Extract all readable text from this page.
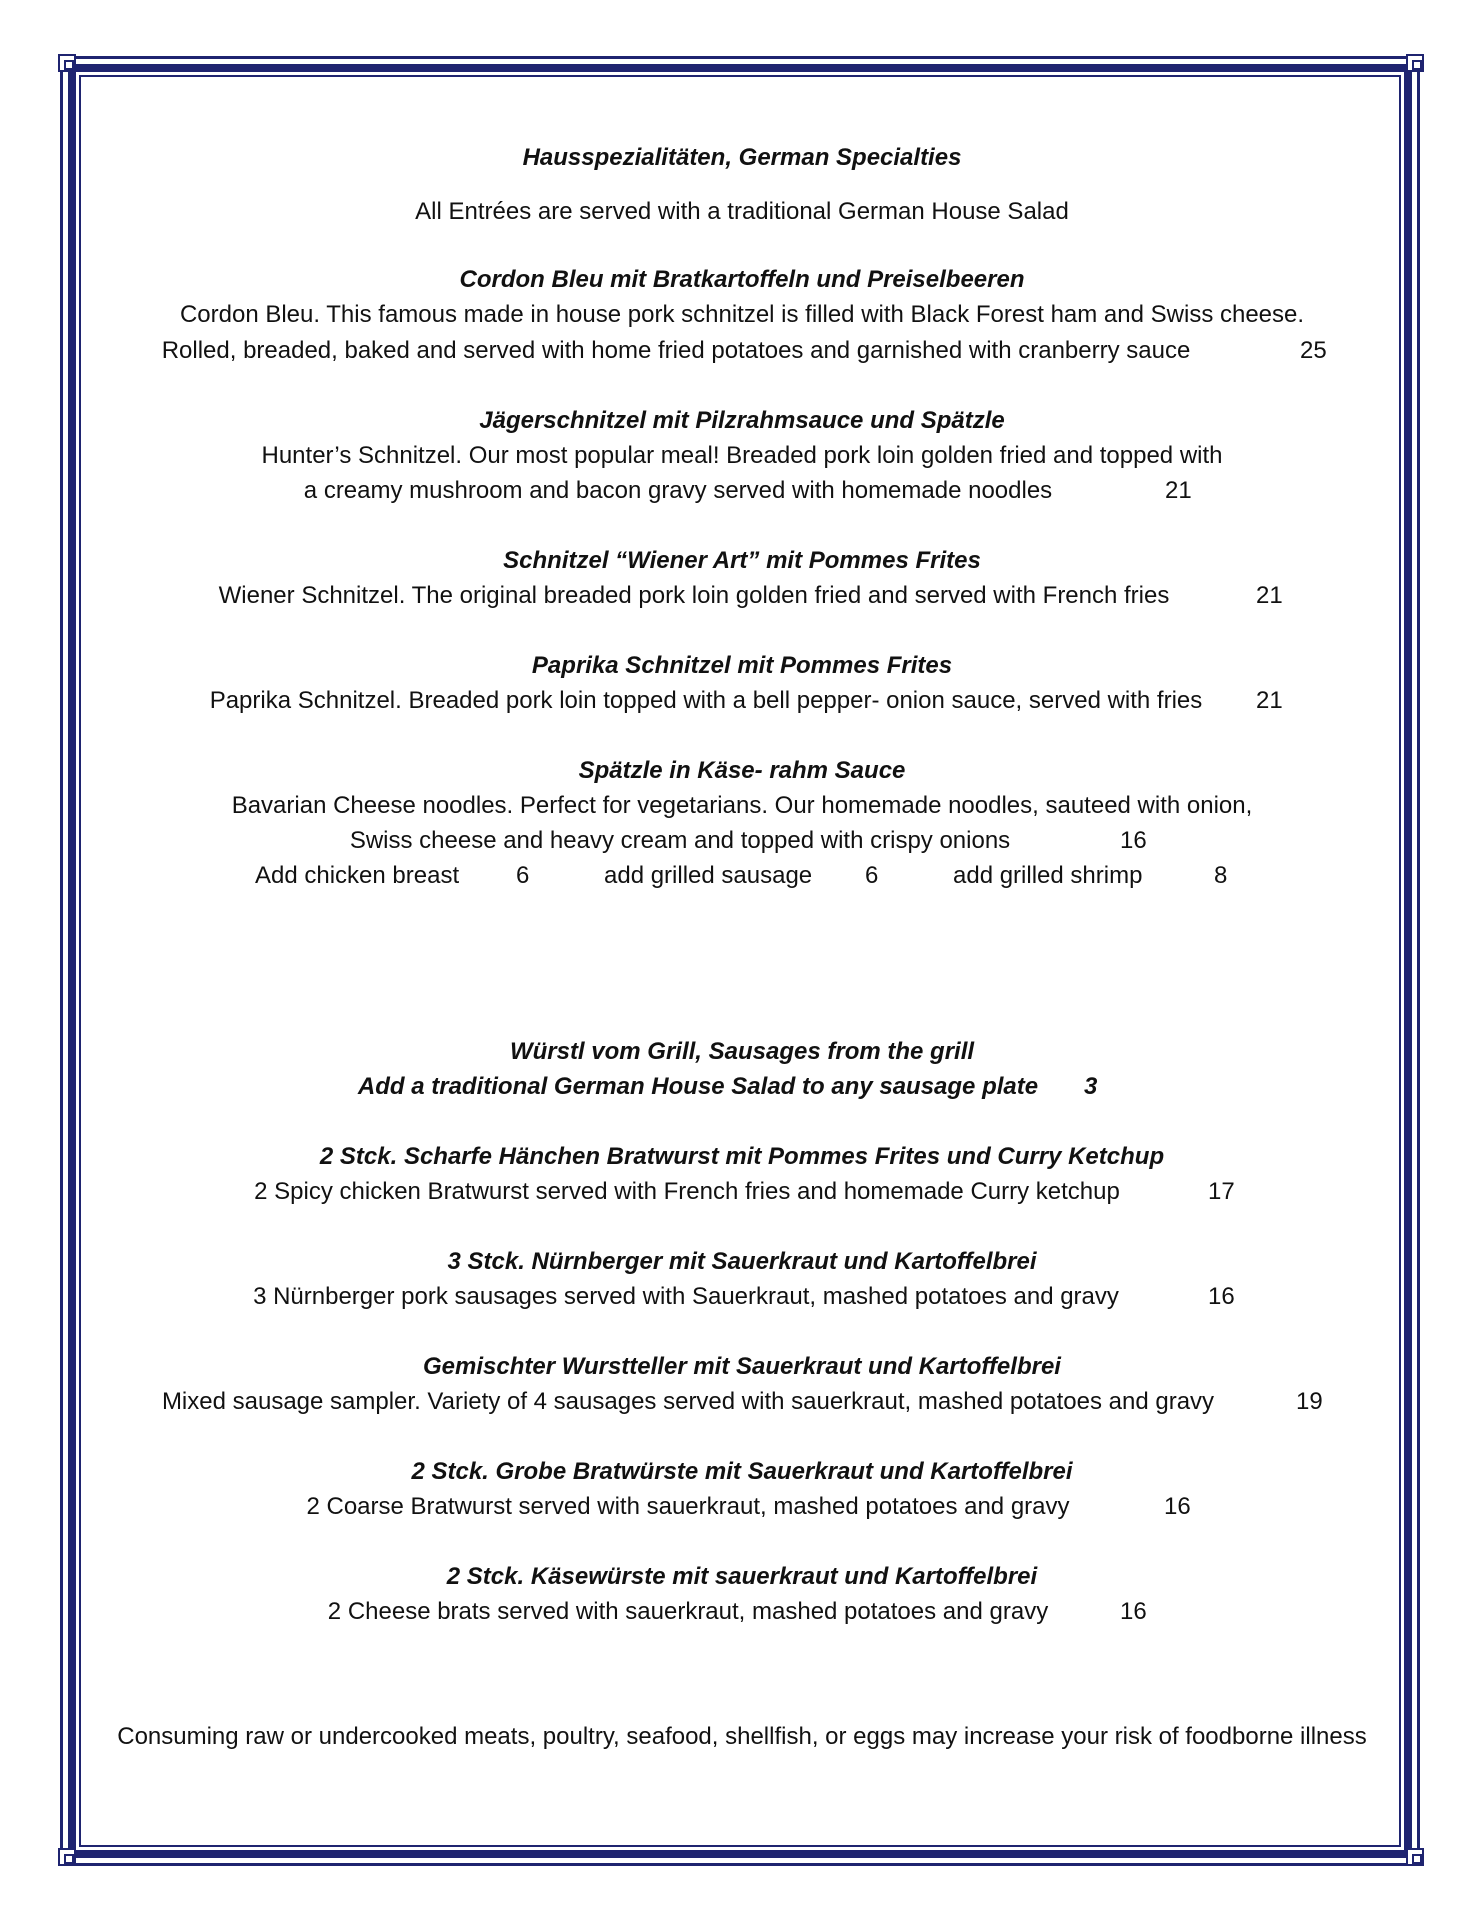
Hausspezialitäten, German Specialties
All Entrées are served with a traditional German House Salad
Cordon Bleu mit Bratkartoffeln und Preiselbeeren
Cordon Bleu. This famous made in house pork schnitzel is filled with Black Forest ham and Swiss cheese.
Rolled, breaded, baked and served with home fried potatoes and garnished with cranberry sauce	25
Jägerschnitzel mit Pilzrahmsauce und Spätzle
Hunter’s Schnitzel. Our most popular meal! Breaded pork loin golden fried and topped with
a creamy mushroom and bacon gravy served with homemade noodles	21
Schnitzel “Wiener Art” mit Pommes Frites
Wiener Schnitzel. The original breaded pork loin golden fried and served with French fries	21
Paprika Schnitzel mit Pommes Frites
Paprika Schnitzel. Breaded pork loin topped with a bell pepper- onion sauce, served with fries	21
Spätzle in Käse- rahm Sauce
Bavarian Cheese noodles. Perfect for vegetarians. Our homemade noodles, sauteed with onion,
Swiss cheese and heavy cream and topped with crispy onions	16
Add chicken breast 6	add grilled sausage 6	add grilled shrimp	8
Würstl vom Grill, Sausages from the grill
Add a traditional German House Salad to any sausage plate	3
2 Stck. Scharfe Hänchen Bratwurst mit Pommes Frites und Curry Ketchup
2 Spicy chicken Bratwurst served with French fries and homemade Curry ketchup	17
3 Stck. Nürnberger mit Sauerkraut und Kartoffelbrei
3 Nürnberger pork sausages served with Sauerkraut, mashed potatoes and gravy	16
Gemischter Wurstteller mit Sauerkraut und Kartoffelbrei
Mixed sausage sampler. Variety of 4 sausages served with sauerkraut, mashed potatoes and gravy	19
2 Stck. Grobe Bratwürste mit Sauerkraut und Kartoffelbrei
2 Coarse Bratwurst served with sauerkraut, mashed potatoes and gravy	16
2 Stck. Käsewürste mit sauerkraut und Kartoffelbrei
2 Cheese brats served with sauerkraut, mashed potatoes and gravy	16
Consuming raw or undercooked meats, poultry, seafood, shellfish, or eggs may increase your risk of foodborne illness
